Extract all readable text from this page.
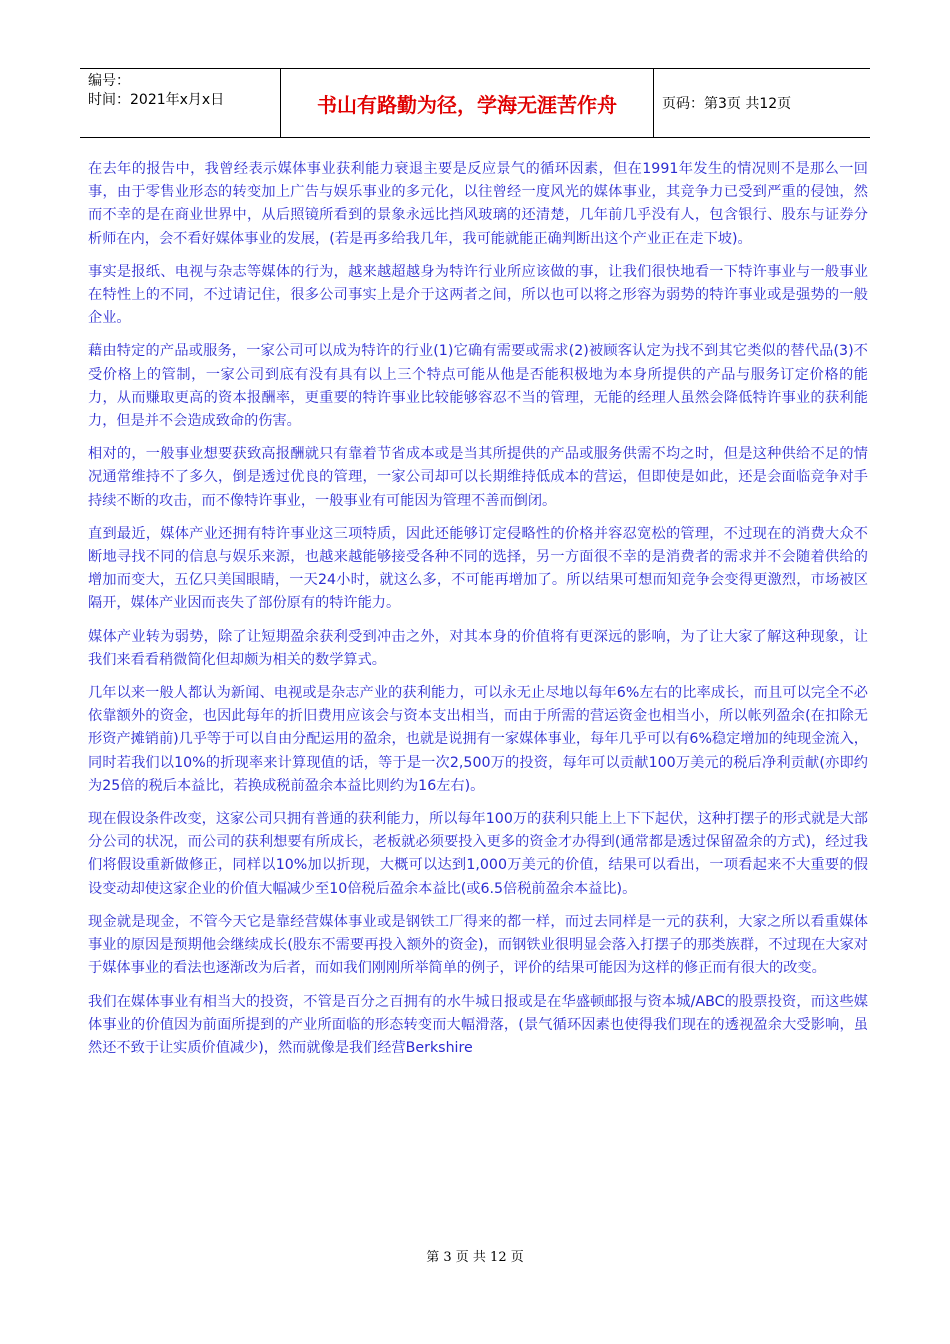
编号：
时间：2021年x月x日	书山有路勤为径，学海无涯苦作舟	页码：第3页 共12页

在去年的报告中，我曾经表示媒体事业获利能力衰退主要是反应景气的循环因素，但在1991年发生的情况则不是那么一回事，由于零售业形态的转变加上广告与娱乐事业的多元化，以往曾经一度风光的媒体事业，其竞争力已受到严重的侵蚀，然而不幸的是在商业世界中，从后照镜所看到的景象永远比挡风玻璃的还清楚，几年前几乎没有人，包含银行、股东与证券分析师在内，会不看好媒体事业的发展，(若是再多给我几年，我可能就能正确判断出这个产业正在走下坡)。

事实是报纸、电视与杂志等媒体的行为，越来越超越身为特许行业所应该做的事，让我们很快地看一下特许事业与一般事业在特性上的不同，不过请记住，很多公司事实上是介于这两者之间，所以也可以将之形容为弱势的特许事业或是强势的一般企业。

藉由特定的产品或服务，一家公司可以成为特许的行业(1)它确有需要或需求(2)被顾客认定为找不到其它类似的替代品(3)不受价格上的管制，一家公司到底有没有具有以上三个特点可能从他是否能积极地为本身所提供的产品与服务订定价格的能力，从而赚取更高的资本报酬率，更重要的特许事业比较能够容忍不当的管理，无能的经理人虽然会降低特许事业的获利能力，但是并不会造成致命的伤害。

相对的，一般事业想要获致高报酬就只有靠着节省成本或是当其所提供的产品或服务供需不均之时，但是这种供给不足的情况通常维持不了多久，倒是透过优良的管理，一家公司却可以长期维持低成本的营运，但即使是如此，还是会面临竞争对手持续不断的攻击，而不像特许事业，一般事业有可能因为管理不善而倒闭。

直到最近，媒体产业还拥有特许事业这三项特质，因此还能够订定侵略性的价格并容忍宽松的管理，不过现在的消费大众不断地寻找不同的信息与娱乐来源，也越来越能够接受各种不同的选择，另一方面很不幸的是消费者的需求并不会随着供给的增加而变大，五亿只美国眼睛，一天24小时，就这么多，不可能再增加了。所以结果可想而知竞争会变得更激烈，市场被区隔开，媒体产业因而丧失了部份原有的特许能力。

媒体产业转为弱势，除了让短期盈余获利受到冲击之外，对其本身的价值将有更深远的影响，为了让大家了解这种现象，让我们来看看稍微简化但却颇为相关的数学算式。

几年以来一般人都认为新闻、电视或是杂志产业的获利能力，可以永无止尽地以每年6%左右的比率成长，而且可以完全不必依靠额外的资金，也因此每年的折旧费用应该会与资本支出相当，而由于所需的营运资金也相当小，所以帐列盈余(在扣除无形资产摊销前)几乎等于可以自由分配运用的盈余，也就是说拥有一家媒体事业，每年几乎可以有6%稳定增加的纯现金流入，同时若我们以10%的折现率来计算现值的话，等于是一次2,500万的投资，每年可以贡献100万美元的税后净利贡献(亦即约为25倍的税后本益比，若换成税前盈余本益比则约为16左右)。

现在假设条件改变，这家公司只拥有普通的获利能力，所以每年100万的获利只能上上下下起伏，这种打摆子的形式就是大部分公司的状况，而公司的获利想要有所成长，老板就必须要投入更多的资金才办得到(通常都是透过保留盈余的方式)，经过我们将假设重新做修正，同样以10%加以折现，大概可以达到1,000万美元的价值，结果可以看出，一项看起来不大重要的假设变动却使这家企业的价值大幅减少至10倍税后盈余本益比(或6.5倍税前盈余本益比)。

现金就是现金，不管今天它是靠经营媒体事业或是钢铁工厂得来的都一样，而过去同样是一元的获利，大家之所以看重媒体事业的原因是预期他会继续成长(股东不需要再投入额外的资金)，而钢铁业很明显会落入打摆子的那类族群，不过现在大家对于媒体事业的看法也逐渐改为后者，而如我们刚刚所举简单的例子，评价的结果可能因为这样的修正而有很大的改变。

我们在媒体事业有相当大的投资，不管是百分之百拥有的水牛城日报或是在华盛顿邮报与资本城/ABC的股票投资，而这些媒体事业的价值因为前面所提到的产业所面临的形态转变而大幅滑落，(景气循环因素也使得我们现在的透视盈余大受影响，虽然还不致于让实质价值减少)，然而就像是我们经营Berkshire

第 3 页 共 12 页
